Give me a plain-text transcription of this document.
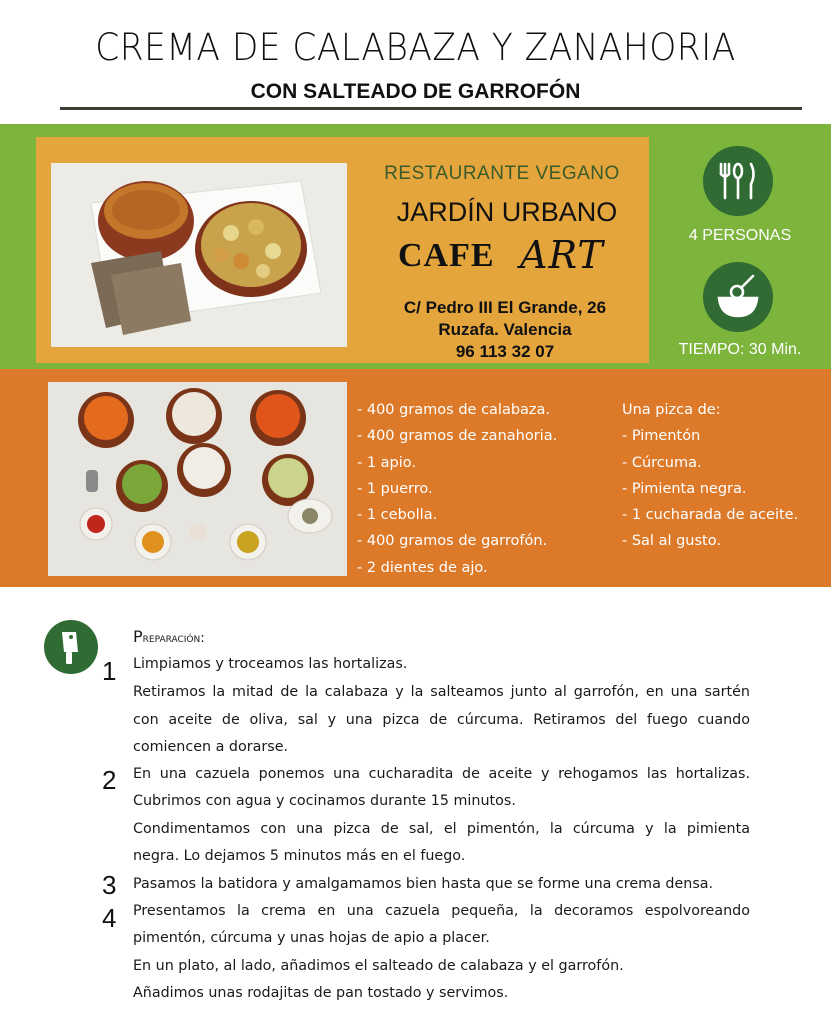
CREMA DE CALABAZA Y ZANAHORIA
CON SALTEADO DE GARROFÓN
RESTAURANTE VEGANO
JARDÍN URBANO
CAFE ART
C/ Pedro III El Grande, 26
Ruzafa. Valencia
96 113 32 07
4 PERSONAS
TIEMPO: 30 Min.
- 400 gramos de calabaza.
- 400 gramos de zanahoria.
- 1 apio.
- 1 puerro.
- 1 cebolla.
- 400 gramos de garrofón.
- 2 dientes de ajo.
Una pizca de:
- Pimentón
- Cúrcuma.
- Pimienta negra.
- 1 cucharada de aceite.
- Sal al gusto.
Preparación:
1 Limpiamos y troceamos las hortalizas.
Retiramos la mitad de la calabaza y la salteamos junto al garrofón, en una sartén
con aceite de oliva, sal y una pizca de cúrcuma. Retiramos del fuego cuando
comiencen a dorarse.
2 En una cazuela ponemos una cucharadita de aceite y rehogamos las hortalizas.
Cubrimos con agua y cocinamos durante 15 minutos.
Condimentamos con una pizca de sal, el pimentón, la cúrcuma y la pimienta
negra. Lo dejamos 5 minutos más en el fuego.
3 Pasamos la batidora y amalgamamos bien hasta que se forme una crema densa.
4 Presentamos la crema en una cazuela pequeña, la decoramos espolvoreando
pimentón, cúrcuma y unas hojas de apio a placer.
En un plato, al lado, añadimos el salteado de calabaza y el garrofón.
Añadimos unas rodajitas de pan tostado y servimos.
